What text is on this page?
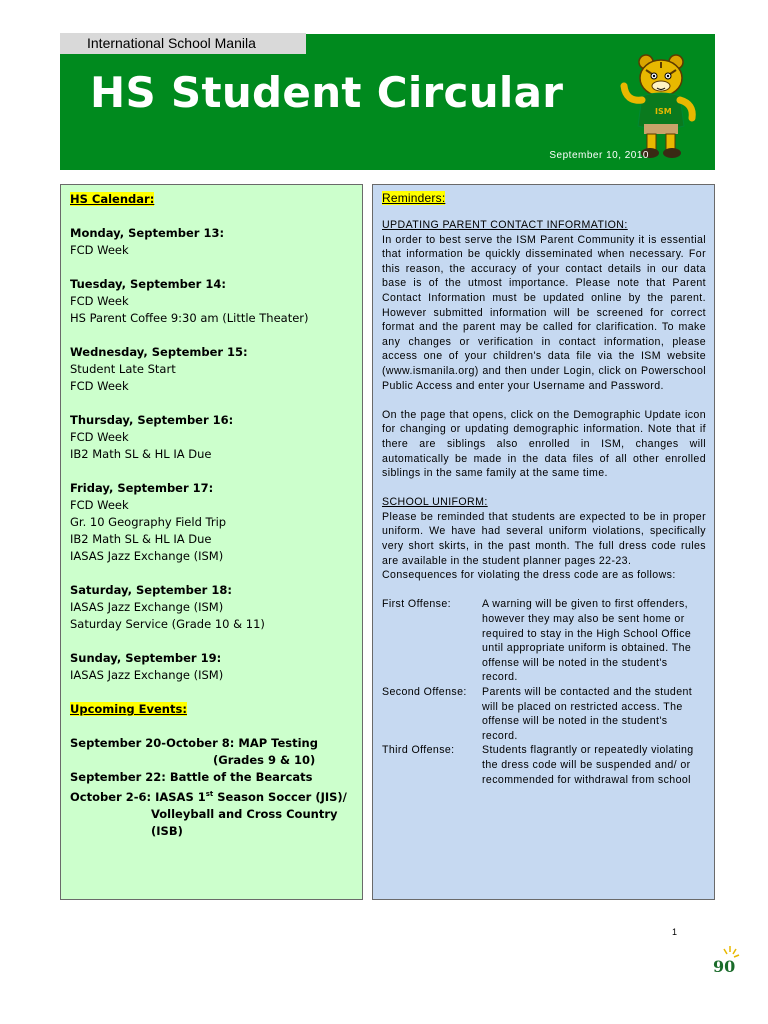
International School Manila
HS Student Circular	ISM
September 10, 2010
HS Calendar:
Monday, September 13:
FCD Week
Tuesday, September 14:
FCD Week
HS Parent Coffee 9:30 am (Little Theater)
Wednesday, September 15:
Student Late Start
FCD Week
Thursday, September 16:
FCD Week
IB2 Math SL & HL IA Due
Friday, September 17:
FCD Week
Gr. 10 Geography Field Trip
IB2 Math SL & HL IA Due
IASAS Jazz Exchange (ISM)
Saturday, September 18:
IASAS Jazz Exchange (ISM)
Saturday Service (Grade 10 & 11)
Sunday, September 19:
IASAS Jazz Exchange (ISM)
Upcoming Events:
September 20-October 8: MAP Testing
(Grades 9 & 10)
September 22: Battle of the Bearcats
October 2-6: IASAS 1st Season Soccer (JIS)/
Volleyball and Cross Country (ISB)
Reminders:
UPDATING PARENT CONTACT INFORMATION:

In order to best serve the ISM Parent Community it is essential that information be quickly disseminated when necessary. For this reason, the accuracy of your contact details in our data base is of the utmost importance. Please note that Parent Contact Information must be updated online by the parent. However submitted information will be screened for correct format and the parent may be called for clarification. To make any changes or verification in contact information, please access one of your children's data file via the ISM website (www.ismanila.org) and then under Login, click on Powerschool Public Access and enter your Username and Password.

On the page that opens, click on the Demographic Update icon for changing or updating demographic information. Note that if there are siblings also enrolled in ISM, changes will automatically be made in the data files of all other enrolled siblings in the same family at the same time.

SCHOOL UNIFORM:

Please be reminded that students are expected to be in proper uniform. We have had several uniform violations, specifically very short skirts, in the past month. The full dress code rules are available in the student planner pages 22-23.

Consequences for violating the dress code are as follows:
First Offense:	A warning will be given to first offenders, however they may also be sent home or required to stay in the High School Office until appropriate uniform is obtained. The offense will be noted in the student's record.
Second Offense:	Parents will be contacted and the student will be placed on restricted access. The offense will be noted in the student's record.
Third Offense:	Students flagrantly or repeatedly violating the dress code will be suspended and/ or recommended for withdrawal from school
1
90
